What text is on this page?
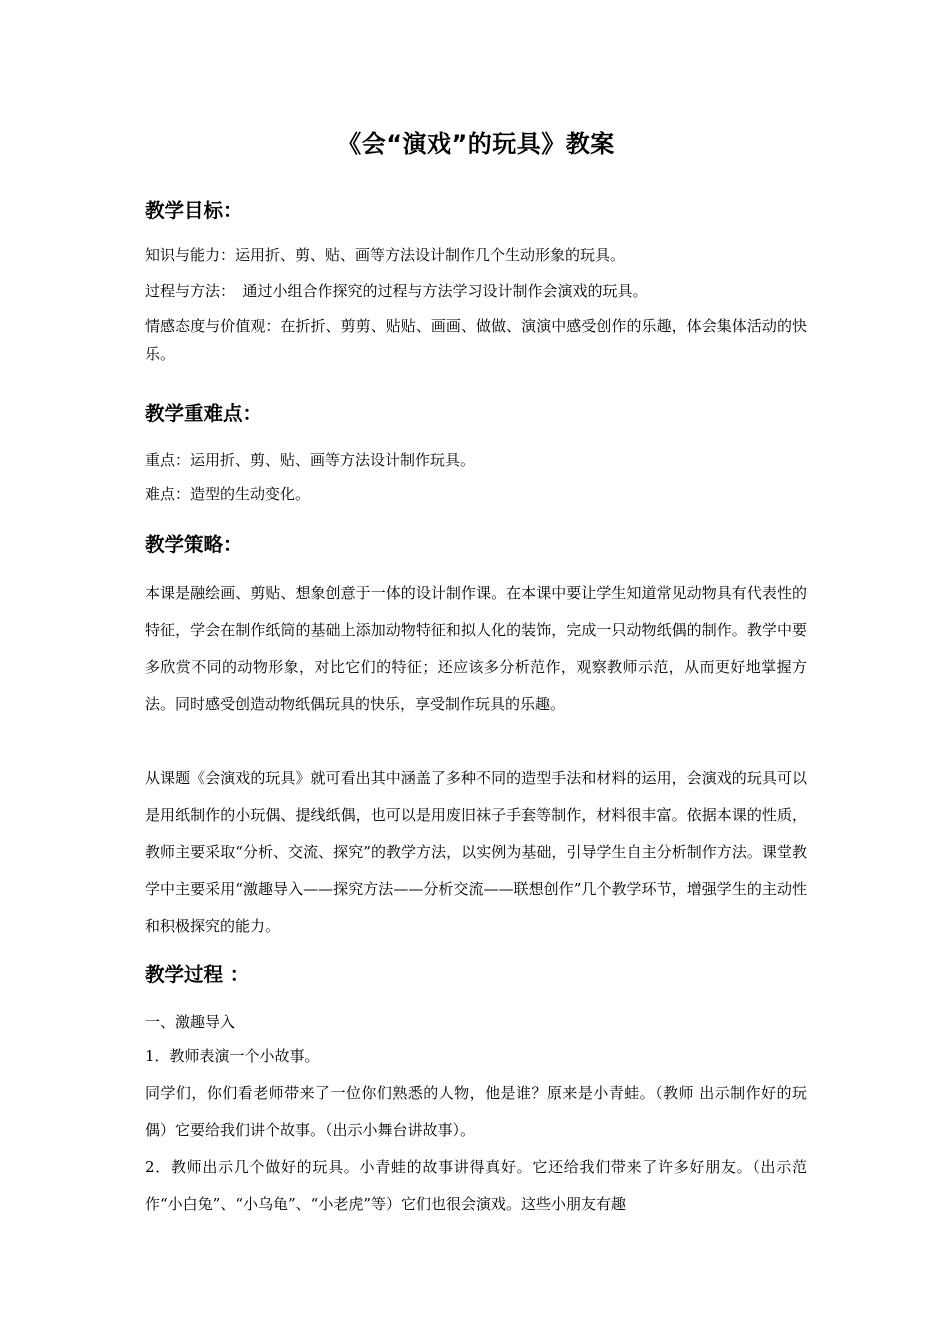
《会“演戏”的玩具》教案
教学目标：
知识与能力：运用折、剪、贴、画等方法设计制作几个生动形象的玩具。
过程与方法：　通过小组合作探究的过程与方法学习设计制作会演戏的玩具。
情感态度与价值观：在折折、剪剪、贴贴、画画、做做、演演中感受创作的乐趣，体会集体活动的快乐。
教学重难点：
重点：运用折、剪、贴、画等方法设计制作玩具。
难点：造型的生动变化。
教学策略：
本课是融绘画、剪贴、想象创意于一体的设计制作课。在本课中要让学生知道常见动物具有代表性的特征，学会在制作纸筒的基础上添加动物特征和拟人化的装饰，完成一只动物纸偶的制作。教学中要多欣赏不同的动物形象，对比它们的特征；还应该多分析范作，观察教师示范，从而更好地掌握方法。同时感受创造动物纸偶玩具的快乐，享受制作玩具的乐趣。
从课题《会演戏的玩具》就可看出其中涵盖了多种不同的造型手法和材料的运用，会演戏的玩具可以是用纸制作的小玩偶、提线纸偶，也可以是用废旧袜子手套等制作，材料很丰富。依据本课的性质，教师主要采取“分析、交流、探究”的教学方法，以实例为基础，引导学生自主分析制作方法。课堂教学中主要采用“激趣导入——探究方法——分析交流——联想创作”几个教学环节，增强学生的主动性和积极探究的能力。
教学过程 ：
一、激趣导入
1．教师表演一个小故事。
同学们，你们看老师带来了一位你们熟悉的人物，他是谁？原来是小青蛙。（教师 出示制作好的玩偶）它要给我们讲个故事。（出示小舞台讲故事）。
2．教师出示几个做好的玩具。小青蛙的故事讲得真好。它还给我们带来了许多好朋友。（出示范作“小白兔”、“小乌龟”、“小老虎”等）它们也很会演戏。这些小朋友有趣
